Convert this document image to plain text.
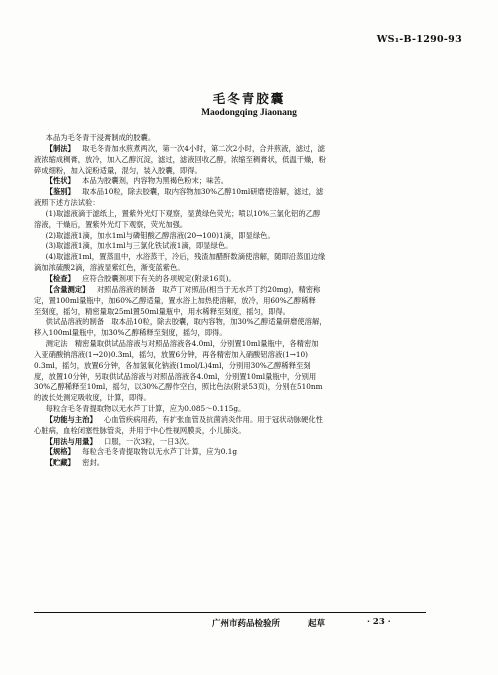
WS₁-B-1290-93
毛冬青胶囊
Maodongqing Jiaonang

本品为毛冬青干浸膏制成的胶囊。

【制法】  取毛冬青加水煎煮两次，第一次4小时，第二次2小时，合并煎液，滤过，滤

液浓缩成稠膏，放冷，加入乙醇沉淀，滤过，滤液回收乙醇，浓缩至稠膏状，低温干燥，粉

碎成细粉，加入淀粉适量，混匀，装入胶囊，即得。

【性状】  本品为胶囊剂，内容物为黑褐色粉末；味苦。

【鉴别】  取本品10粒，除去胶囊，取内容物加30%乙醇10ml研磨使溶解，滤过，滤

液照下述方法试验：

(1)取滤液滴于滤纸上，置紫外光灯下观察，显黄绿色荧光；喷以10%三氯化铝的乙醇

溶液，干燥后，置紫外光灯下观察，荧光加强。

(2)取滤液1滴，加水1ml与磷钼酸乙醇溶液(20→100)1滴，即显绿色。

(3)取滤液1滴，加水1ml与三氯化铁试液1滴，即显绿色。

(4)取滤液1ml，置蒸皿中，水浴蒸干，冷后，残渣加醋酐数滴使溶解，随即沿蒸皿边缘

滴加浓硫酸2滴，溶液显紫红色，渐变蓝紫色。

【检查】  应符合胶囊剂项下有关的各项规定(附录16页)。

【含量测定】  对照品溶液的制备　取芦丁对照品(相当于无水芦丁约20mg)，精密称

定，置100ml量瓶中，加60%乙醇适量，置水浴上加热使溶解，放冷，用60%乙醇稀释

至刻度，摇匀，精密量取25ml置50ml量瓶中，用水稀释至刻度，摇匀，即得。

供试品溶液的制备　取本品10粒，除去胶囊，取内容物，加30%乙醇适量研磨使溶解，

移入100ml量瓶中，加30%乙醇稀释至刻度，摇匀，即得。

测定法　精密量取供试品溶液与对照品溶液各4.0ml，分别置10ml量瓶中，各精密加

入亚硝酸钠溶液(1→20)0.3ml，摇匀，放置6分钟，再各精密加入硝酸铝溶液(1→10)

0.3ml，摇匀，放置6分钟，各加氢氧化钠液(1mol/L)4ml，分别用30%乙醇稀释至刻

度，放置10分钟，另取供试品溶液与对照品溶液各4.0ml，分别置10ml量瓶中，分别用

30%乙醇稀释至10ml，摇匀，以30%乙醇作空白，照比色法(附录53页)，分别在510nm

的波长处测定吸收度，计算，即得。

每粒含毛冬青提取物以无水芦丁计算，应为0.085～0.115g。

【功能与主治】  心血管疾病用药，有扩张血管及抗菌消炎作用。用于冠状动脉硬化性

心脏病，血栓闭塞性脉管炎，并用于中心性视网膜炎，小儿肺炎。

【用法与用量】  口服，一次3粒，一日3次。

【规格】  每粒含毛冬青提取物以无水芦丁计算，应为0.1g

【贮藏】  密封。

广州市药品检验所	起草	· 23 ·
